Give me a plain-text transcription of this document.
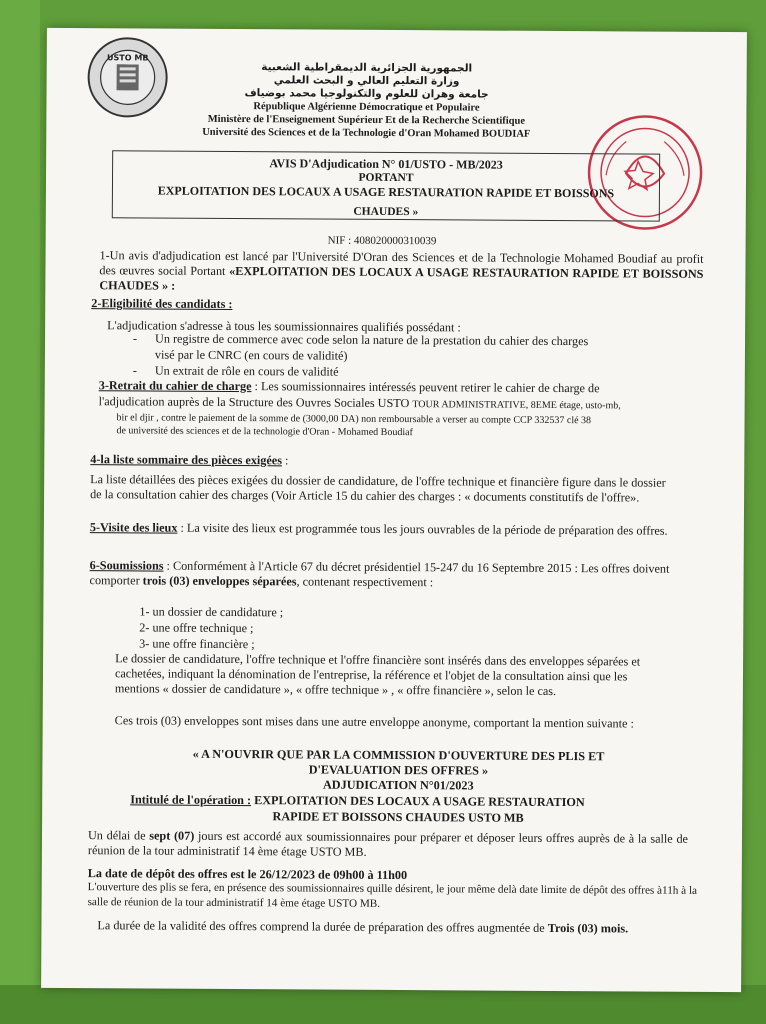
USTO MB
الجمهورية الجزائرية الديمقراطية الشعبية
وزارة التعليم العالي و البحث العلمي
جامعة وهران للعلوم والتكنولوجيا محمد بوضياف
République Algérienne Démocratique et Populaire
Ministère de l'Enseignement Supérieur Et de la Recherche Scientifique
Université des Sciences et de la Technologie d'Oran Mohamed BOUDIAF
AVIS D'Adjudication N° 01/USTO - MB/2023
PORTANT
EXPLOITATION DES LOCAUX A USAGE RESTAURATION RAPIDE ET BOISSONS
CHAUDES »
NIF : 408020000310039
1-Un avis d'adjudication est lancé par l'Université D'Oran des Sciences et de la Technologie Mohamed Boudiaf au profit des œuvres social Portant «EXPLOITATION DES LOCAUX A USAGE RESTAURATION RAPIDE ET BOISSONS CHAUDES » :
2-Eligibilité des candidats :
L'adjudication s'adresse à tous les soumissionnaires qualifiés possédant :
- Un registre de commerce avec code selon la nature de la prestation du cahier des charges
visé par le CNRC (en cours de validité)
- Un extrait de rôle en cours de validité
3-Retrait du cahier de charge : Les soumissionnaires intéressés peuvent retirer le cahier de charge de
l'adjudication auprès de la Structure des Ouvres Sociales USTO TOUR ADMINISTRATIVE, 8EME étage, usto-mb,
bir el djir , contre le paiement de la somme de (3000,00 DA) non remboursable a verser au compte CCP 332537 clé 38
de université des sciences et de la technologie d'Oran - Mohamed Boudiaf
4-la liste sommaire des pièces exigées :
La liste détaillées des pièces exigées du dossier de candidature, de l'offre technique et financière figure dans le dossier de la consultation cahier des charges (Voir Article 15 du cahier des charges : « documents constitutifs de l'offre».
5-Visite des lieux : La visite des lieux est programmée tous les jours ouvrables de la période de préparation des offres.
6-Soumissions : Conformément à l'Article 67 du décret présidentiel 15-247 du 16 Septembre 2015 : Les offres doivent comporter trois (03) enveloppes séparées, contenant respectivement :
1- un dossier de candidature ;
2- une offre technique ;
3- une offre financière ;
Le dossier de candidature, l'offre technique et l'offre financière sont insérés dans des enveloppes séparées et cachetées, indiquant la dénomination de l'entreprise, la référence et l'objet de la consultation ainsi que les mentions « dossier de candidature », « offre technique » , « offre financière », selon le cas.
Ces trois (03) enveloppes sont mises dans une autre enveloppe anonyme, comportant la mention suivante :
« A N'OUVRIR QUE PAR LA COMMISSION D'OUVERTURE DES PLIS ET
D'EVALUATION DES OFFRES »
ADJUDICATION N°01/2023
Intitulé de l'opération : EXPLOITATION DES LOCAUX A USAGE RESTAURATION
RAPIDE ET BOISSONS CHAUDES USTO MB
Un délai de sept (07) jours est accordé aux soumissionnaires pour préparer et déposer leurs offres auprès de à la salle de réunion de la tour administratif 14 ème étage USTO MB.
La date de dépôt des offres est le 26/12/2023 de 09h00 à 11h00
L'ouverture des plis se fera, en présence des soumissionnaires quille désirent, le jour même delà date limite de dépôt des offres à11h à la salle de réunion de la tour administratif 14 ème étage USTO MB.
La durée de la validité des offres comprend la durée de préparation des offres augmentée de Trois (03) mois.
